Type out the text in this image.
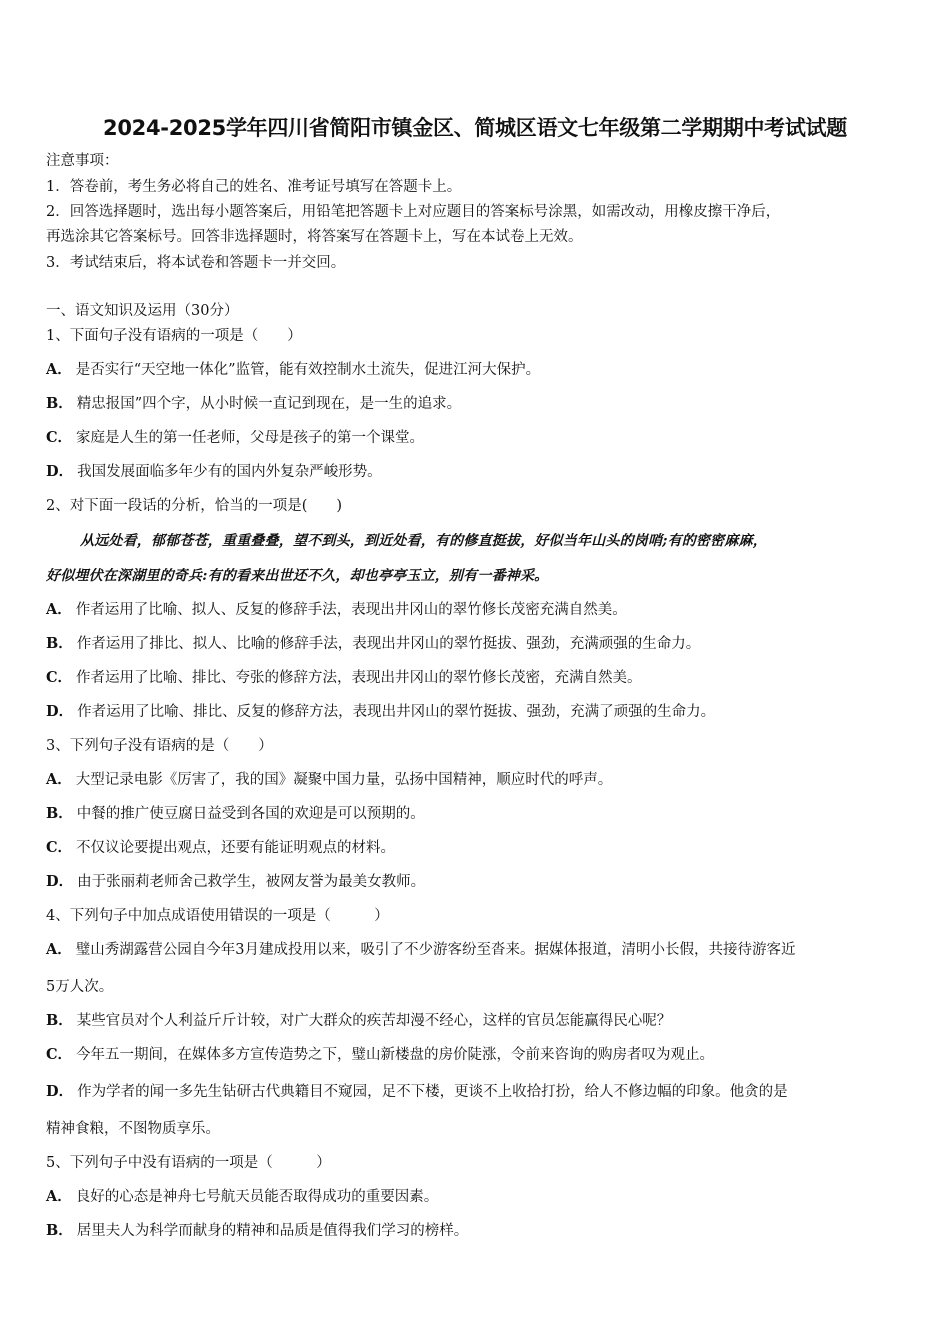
2024-2025学年四川省简阳市镇金区、简城区语文七年级第二学期期中考试试题
注意事项：
1．答卷前，考生务必将自己的姓名、准考证号填写在答题卡上。
2．回答选择题时，选出每小题答案后，用铅笔把答题卡上对应题目的答案标号涂黑，如需改动，用橡皮擦干净后，
再选涂其它答案标号。回答非选择题时，将答案写在答题卡上，写在本试卷上无效。
3．考试结束后，将本试卷和答题卡一并交回。
一、语文知识及运用（30分）
1、下面句子没有语病的一项是（　　）
A． 是否实行“天空地一体化”监管，能有效控制水土流失，促进江河大保护。
B． 精忠报国”四个字，从小时候一直记到现在，是一生的追求。
C． 家庭是人生的第一任老师，父母是孩子的第一个课堂。
D． 我国发展面临多年少有的国内外复杂严峻形势。
2、对下面一段话的分析，恰当的一项是(　　)
从远处看，郁郁苍苍，重重叠叠，望不到头，到近处看，有的修直挺拔，好似当年山头的岗哨;有的密密麻麻，
好似埋伏在深湖里的奇兵:有的看来出世还不久，却也亭亭玉立，别有一番神采。
A． 作者运用了比喻、拟人、反复的修辞手法，表现出井冈山的翠竹修长茂密充满自然美。
B． 作者运用了排比、拟人、比喻的修辞手法，表现出井冈山的翠竹挺拔、强劲，充满顽强的生命力。
C． 作者运用了比喻、排比、夸张的修辞方法，表现出井冈山的翠竹修长茂密，充满自然美。
D． 作者运用了比喻、排比、反复的修辞方法，表现出井冈山的翠竹挺拔、强劲，充满了顽强的生命力。
3、下列句子没有语病的是（　　）
A． 大型记录电影《厉害了，我的国》凝聚中国力量，弘扬中国精神，顺应时代的呼声。
B． 中餐的推广使豆腐日益受到各国的欢迎是可以预期的。
C． 不仅议论要提出观点，还要有能证明观点的材料。
D． 由于张丽莉老师舍己救学生，被网友誉为最美女教师。
4、下列句子中加点成语使用错误的一项是（　　　）
A． 璧山秀湖露营公园自今年3月建成投用以来，吸引了不少游客纷至沓来。据媒体报道，清明小长假，共接待游客近
5万人次。
B． 某些官员对个人利益斤斤计较，对广大群众的疾苦却漫不经心，这样的官员怎能赢得民心呢？
C． 今年五一期间，在媒体多方宣传造势之下，璧山新楼盘的房价陡涨，令前来咨询的购房者叹为观止。
D． 作为学者的闻一多先生钻研古代典籍目不窥园，足不下楼，更谈不上收拾打扮，给人不修边幅的印象。他贪的是
精神食粮，不图物质享乐。
5、下列句子中没有语病的一项是（　　　）
A． 良好的心态是神舟七号航天员能否取得成功的重要因素。
B． 居里夫人为科学而献身的精神和品质是值得我们学习的榜样。
